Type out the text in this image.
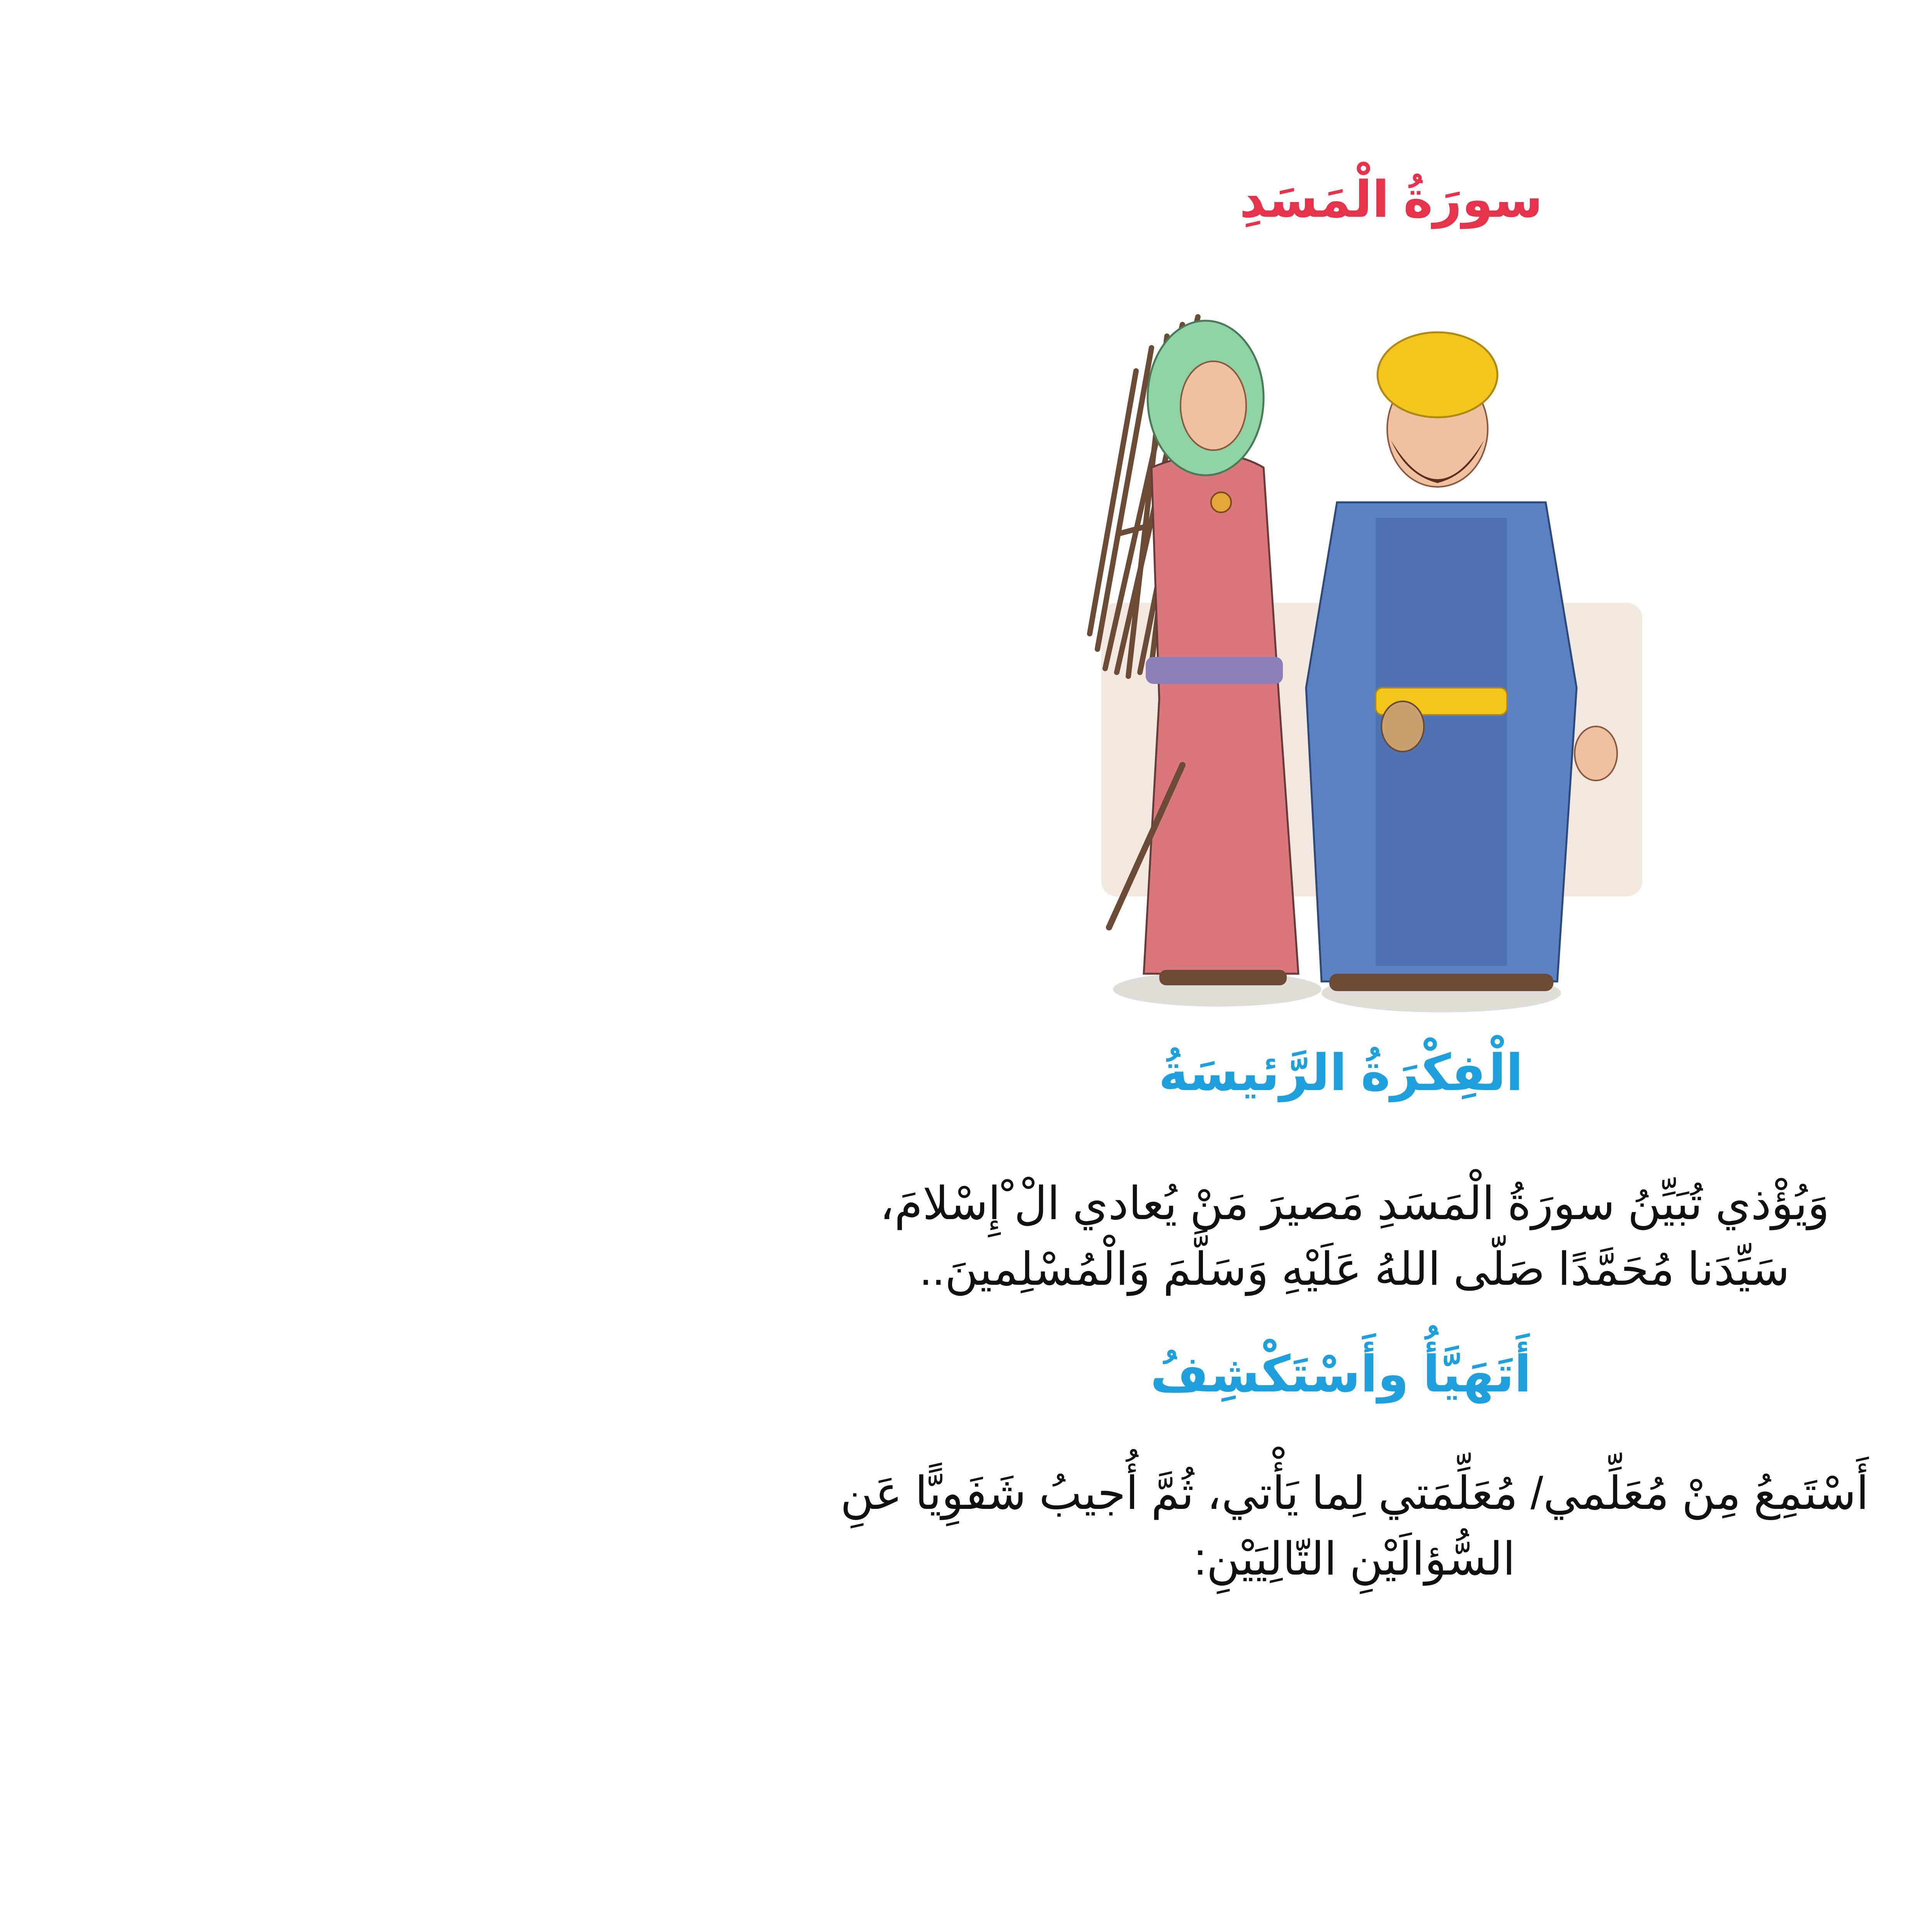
سورَةُ الْمَسَدِ
الْفِكْرَةُ الرَّئيسَةُ
وَيُؤْذي تُبَيِّنُ سورَةُ الْمَسَدِ مَصيرَ مَنْ يُعادي الْ ْإِسْلامَ،
سَيِّدَنا مُحَمَّدًا صَلّى اللهُ عَلَيْهِ وَسَلَّمَ وَالْمُسْلِمينَ..
أَتَهَيَّأُ وأَسْتَكْشِفُ
أَسْتَمِعُ مِنْ مُعَلِّمي/ مُعَلِّمَتي لِما يَأْتي، ثُمَّ أُجيبُ شَفَوِيًّا عَنِ
السُّؤالَيْنِ التّالِيَيْنِ:
